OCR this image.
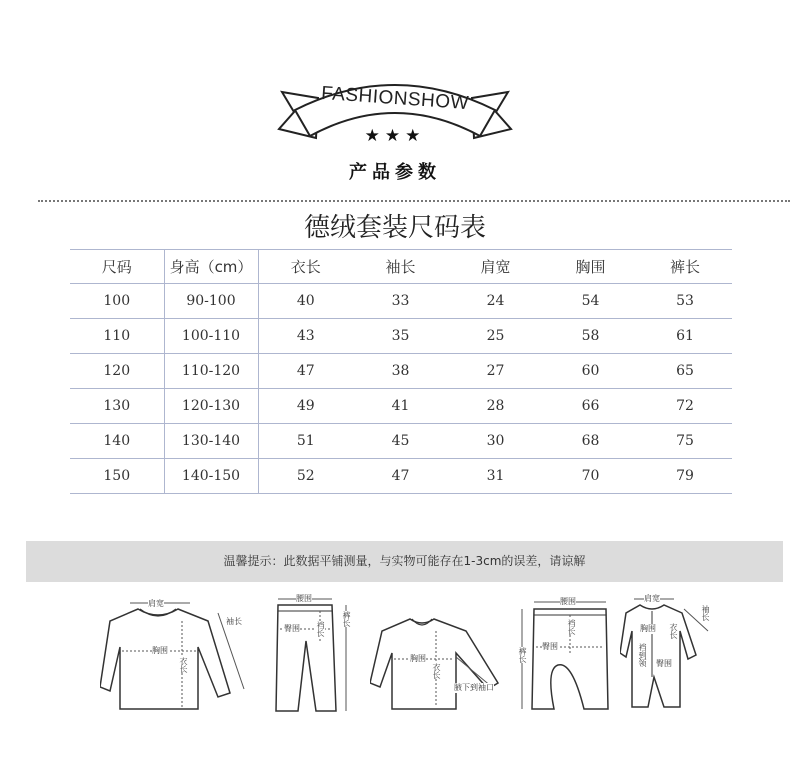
FASHIONSHOW
★★★
产品参数
德绒套装尺码表
尺码	身高（cm）	衣长	袖长	肩宽	胸围	裤长
100	90-100	40	33	24	54	53
110	100-110	43	35	25	58	61
120	110-120	47	38	27	60	65
130	120-130	49	41	28	66	72
140	130-140	51	45	30	68	75
150	140-150	52	47	31	70	79
温馨提示：此数据平铺测量，与实物可能存在1-3cm的误差，请谅解
肩宽
袖长
胸围
衣长
腰围
臀围 裆长
裤长
胸围
衣长
腋下到袖口
腰围
裆长
臀围
裤长
肩宽
袖长
胸围 衣长
裆到领 臀围
